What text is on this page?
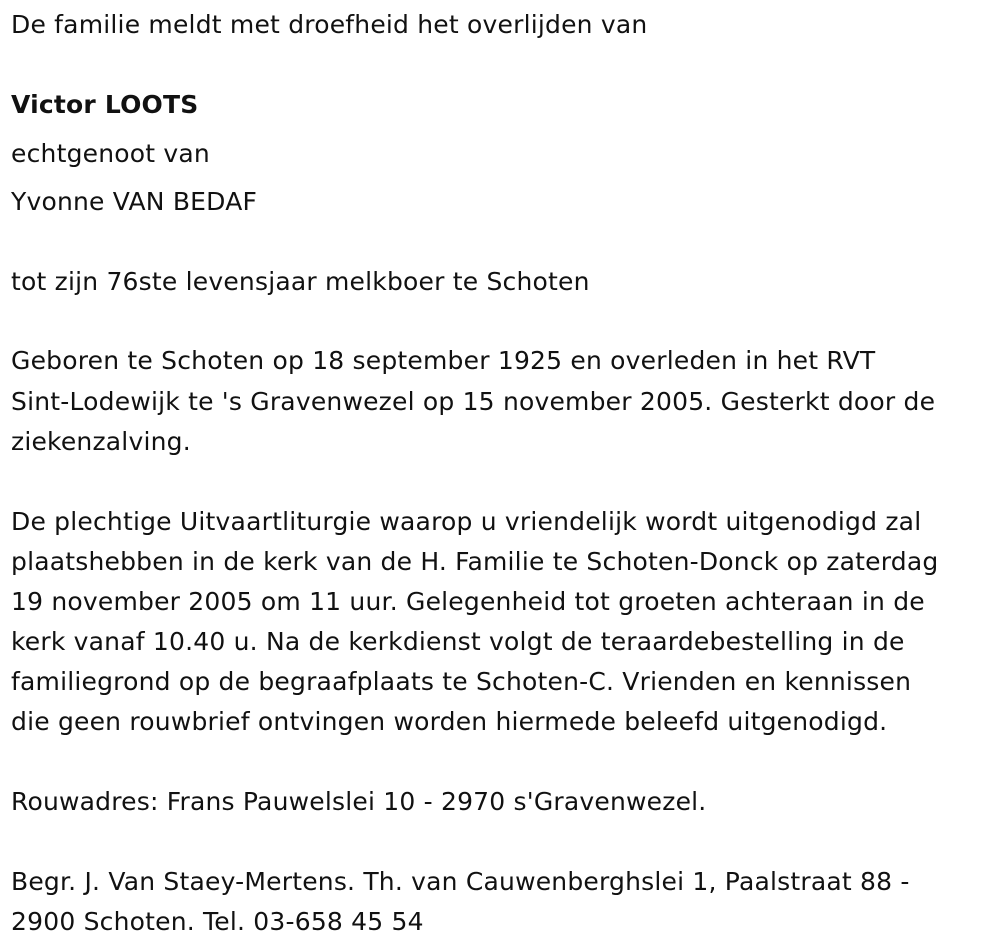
De familie meldt met droefheid het overlijden van
Victor LOOTS
echtgenoot van
Yvonne VAN BEDAF
tot zijn 76ste levensjaar melkboer te Schoten
Geboren te Schoten op 18 september 1925 en overleden in het RVT
Sint-Lodewijk te 's Gravenwezel op 15 november 2005. Gesterkt door de
ziekenzalving.
De plechtige Uitvaartliturgie waarop u vriendelijk wordt uitgenodigd zal
plaatshebben in de kerk van de H. Familie te Schoten-Donck op zaterdag
19 november 2005 om 11 uur. Gelegenheid tot groeten achteraan in de
kerk vanaf 10.40 u. Na de kerkdienst volgt de teraardebestelling in de
familiegrond op de begraafplaats te Schoten-C. Vrienden en kennissen
die geen rouwbrief ontvingen worden hiermede beleefd uitgenodigd.
Rouwadres: Frans Pauwelslei 10 - 2970 s'Gravenwezel.
Begr. J. Van Staey-Mertens. Th. van Cauwenberghslei 1, Paalstraat 88 -
2900 Schoten. Tel. 03-658 45 54
